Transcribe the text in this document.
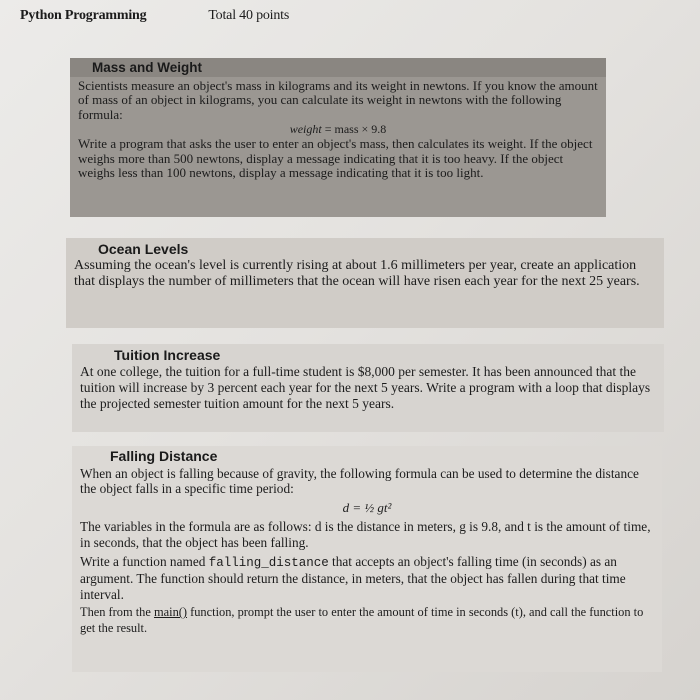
Python Programming	Total 40 points
Mass and Weight

Scientists measure an object's mass in kilograms and its weight in newtons. If you know the amount of mass of an object in kilograms, you can calculate its weight in newtons with the following formula:

weight = mass × 9.8

Write a program that asks the user to enter an object's mass, then calculates its weight. If the object weighs more than 500 newtons, display a message indicating that it is too heavy. If the object weighs less than 100 newtons, display a message indicating that it is too light.

Ocean Levels

Assuming the ocean's level is currently rising at about 1.6 millimeters per year, create an application that displays the number of millimeters that the ocean will have risen each year for the next 25 years.

Tuition Increase

At one college, the tuition for a full-time student is $8,000 per semester. It has been announced that the tuition will increase by 3 percent each year for the next 5 years. Write a program with a loop that displays the projected semester tuition amount for the next 5 years.

Falling Distance

When an object is falling because of gravity, the following formula can be used to determine the distance the object falls in a specific time period:

d = ½ gt²

The variables in the formula are as follows: d is the distance in meters, g is 9.8, and t is the amount of time, in seconds, that the object has been falling.

Write a function named falling_distance that accepts an object's falling time (in seconds) as an argument. The function should return the distance, in meters, that the object has fallen during that time interval.

Then from the main() function, prompt the user to enter the amount of time in seconds (t), and call the function to get the result.
